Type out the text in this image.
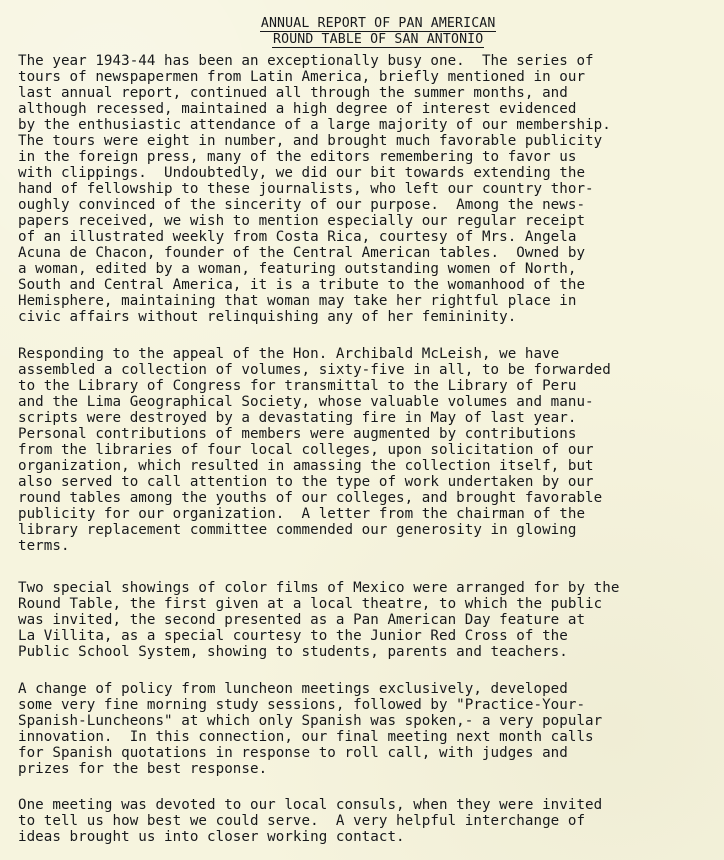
ANNUAL REPORT OF PAN AMERICAN

ROUND TABLE OF SAN ANTONIO

The year 1943-44 has been an exceptionally busy one.  The series of
tours of newspapermen from Latin America, briefly mentioned in our
last annual report, continued all through the summer months, and
although recessed, maintained a high degree of interest evidenced
by the enthusiastic attendance of a large majority of our membership.
The tours were eight in number, and brought much favorable publicity
in the foreign press, many of the editors remembering to favor us
with clippings.  Undoubtedly, we did our bit towards extending the
hand of fellowship to these journalists, who left our country thor-
oughly convinced of the sincerity of our purpose.  Among the news-
papers received, we wish to mention especially our regular receipt
of an illustrated weekly from Costa Rica, courtesy of Mrs. Angela
Acuna de Chacon, founder of the Central American tables.  Owned by
a woman, edited by a woman, featuring outstanding women of North,
South and Central America, it is a tribute to the womanhood of the
Hemisphere, maintaining that woman may take her rightful place in
civic affairs without relinquishing any of her femininity.
Responding to the appeal of the Hon. Archibald McLeish, we have
assembled a collection of volumes, sixty-five in all, to be forwarded
to the Library of Congress for transmittal to the Library of Peru
and the Lima Geographical Society, whose valuable volumes and manu-
scripts were destroyed by a devastating fire in May of last year.
Personal contributions of members were augmented by contributions
from the libraries of four local colleges, upon solicitation of our
organization, which resulted in amassing the collection itself, but
also served to call attention to the type of work undertaken by our
round tables among the youths of our colleges, and brought favorable
publicity for our organization.  A letter from the chairman of the
library replacement committee commended our generosity in glowing
terms.
Two special showings of color films of Mexico were arranged for by the
Round Table, the first given at a local theatre, to which the public
was invited, the second presented as a Pan American Day feature at
La Villita, as a special courtesy to the Junior Red Cross of the
Public School System, showing to students, parents and teachers.
A change of policy from luncheon meetings exclusively, developed
some very fine morning study sessions, followed by "Practice-Your-
Spanish-Luncheons" at which only Spanish was spoken,- a very popular
innovation.  In this connection, our final meeting next month calls
for Spanish quotations in response to roll call, with judges and
prizes for the best response.
One meeting was devoted to our local consuls, when they were invited
to tell us how best we could serve.  A very helpful interchange of
ideas brought us into closer working contact.
